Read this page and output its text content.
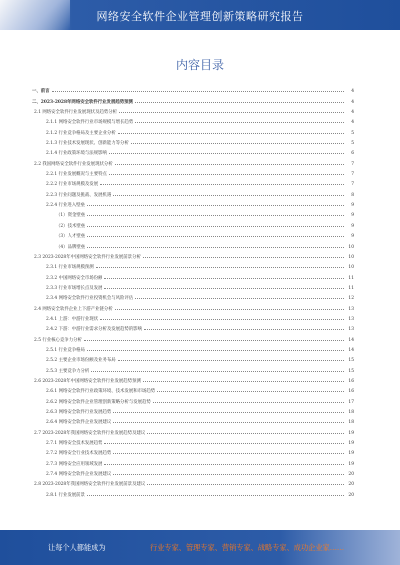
网络安全软件企业管理创新策略研究报告
内容目录
一、前言	4
二、2023-2028年网络安全软件行业发展趋势预测	4
2.1 网络安全软件行业发展现状及趋势分析	4
2.1.1 网络安全软件行业市场规模与增长趋势	4
2.1.2 行业竞争格局及主要企业分析	5
2.1.3 行业技术发展现状、创新能力等分析	5
2.1.4 行业政策环境与法规影响	6
2.2 我国网络安全软件行业发展现状分析	7
2.2.1 行业发展概况与主要特点	7
2.2.2 行业市场规模及发展	7
2.2.3 行业问题及挑战、发展机遇	8
2.2.4 行业进入壁垒	9
（1）资金壁垒	9
（2）技术壁垒	9
（3）人才壁垒	9
（4）品牌壁垒	10
2.3 2023-2028年中国网络安全软件行业发展前景分析	10
2.3.1 行业市场规模预测	10
2.3.2 中国网络安全市场份额	11
2.3.3 行业市场增长点及发展	11
2.3.4 网络安全软件行业投资机会与风险评估	12
2.4 网络安全软件企业上下游产业链分析	13
2.4.1 上游：中游行业现状	13
2.4.2 下游：中游行业需求分析及发展趋势的影响	13
2.5 行业核心竞争力分析	14
2.5.1 行业竞争格局	14
2.5.2 主要企业市场份额及业务布局	15
2.5.3 主要竞争力分析	15
2.6 2023-2028年中国网络安全软件行业发展趋势预测	16
2.6.1 网络安全软件行业政策环境、技术发展和市场趋势	16
2.6.2 网络安全软件企业管理创新策略分析与发展趋势	17
2.6.3 网络安全软件行业发展趋势	18
2.6.4 网络安全软件企业发展建议	18
2.7 2023-2028年我国网络安全软件行业发展趋势及建议	19
2.7.1 网络安全技术发展趋势	19
2.7.2 网络安全行业技术发展趋势	19
2.7.3 网络安全应用领域发展	19
2.7.4 网络安全软件企业发展建议	20
2.8 2023-2028年我国网络安全软件行业发展前景及建议	20
2.8.1 行业发展前景	20
让每个人都能成为	行业专家、管理专家、营销专家、战略专家、成功企业家……
